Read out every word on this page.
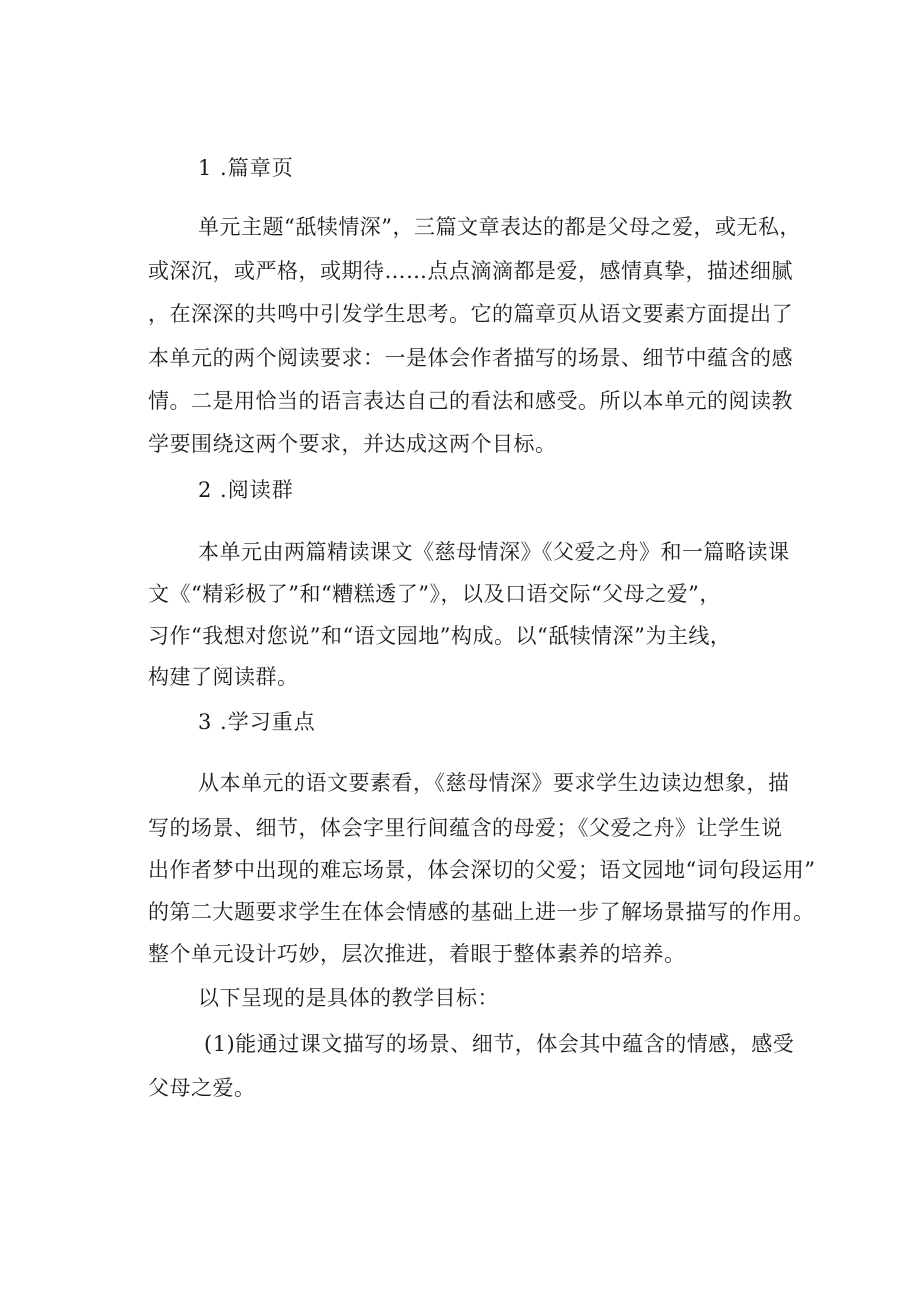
1 .篇章页
单元主题“舐犊情深”，三篇文章表达的都是父母之爱，或无私，
或深沉，或严格，或期待……点点滴滴都是爱，感情真挚，描述细腻
，在深深的共鸣中引发学生思考。它的篇章页从语文要素方面提出了
本单元的两个阅读要求：一是体会作者描写的场景、细节中蕴含的感
情。二是用恰当的语言表达自己的看法和感受。所以本单元的阅读教
学要围绕这两个要求，并达成这两个目标。
2 .阅读群
本单元由两篇精读课文《慈母情深》《父爱之舟》和一篇略读课
文《“精彩极了”和“糟糕透了”》，以及口语交际“父母之爱”，
习作“我想对您说”和“语文园地”构成。以“舐犊情深”为主线，
构建了阅读群。
3 .学习重点
从本单元的语文要素看，《慈母情深》要求学生边读边想象，描
写的场景、细节，体会字里行间蕴含的母爱；《父爱之舟》让学生说
出作者梦中出现的难忘场景，体会深切的父爱；语文园地“词句段运用”
的第二大题要求学生在体会情感的基础上进一步了解场景描写的作用。
整个单元设计巧妙，层次推进，着眼于整体素养的培养。
以下呈现的是具体的教学目标：
(1)能通过课文描写的场景、细节，体会其中蕴含的情感，感受
父母之爱。
